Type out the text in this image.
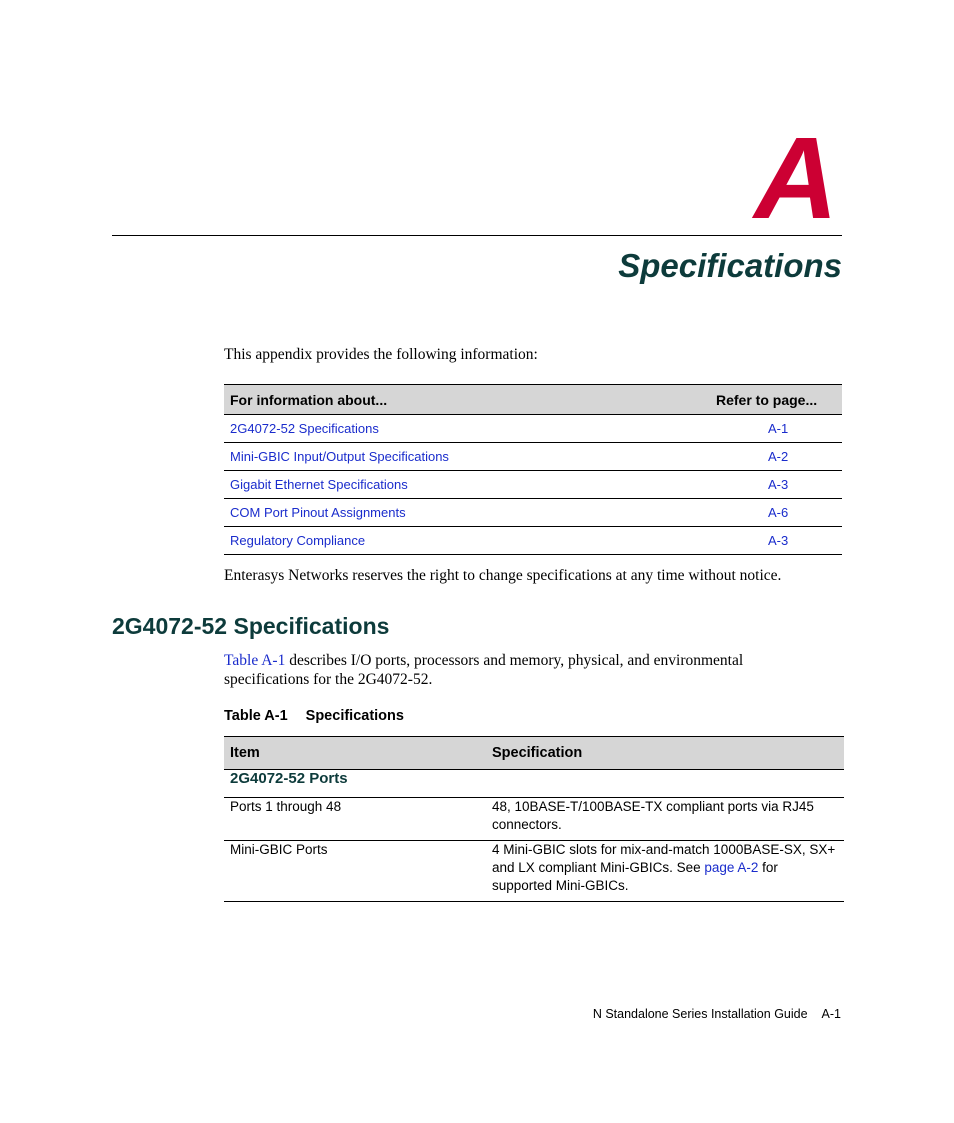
A
Specifications
This appendix provides the following information:
For information about...	Refer to page...
2G4072-52 Specifications	A-1
Mini-GBIC Input/Output Specifications	A-2
Gigabit Ethernet Specifications	A-3
COM Port Pinout Assignments	A-6
Regulatory Compliance	A-3
Enterasys Networks reserves the right to change specifications at any time without notice.
2G4072-52 Specifications
Table A-1 describes I/O ports, processors and memory, physical, and environmental specifications for the 2G4072-52.
Table A-1 Specifications
Item	Specification
2G4072-52 Ports	
Ports 1 through 48	48, 10BASE-T/100BASE-TX compliant ports via RJ45 connectors.
Mini-GBIC Ports	4 Mini-GBIC slots for mix-and-match 1000BASE-SX, SX+ and LX compliant Mini-GBICs. See page A-2 for supported Mini-GBICs.
N Standalone Series Installation Guide A-1
